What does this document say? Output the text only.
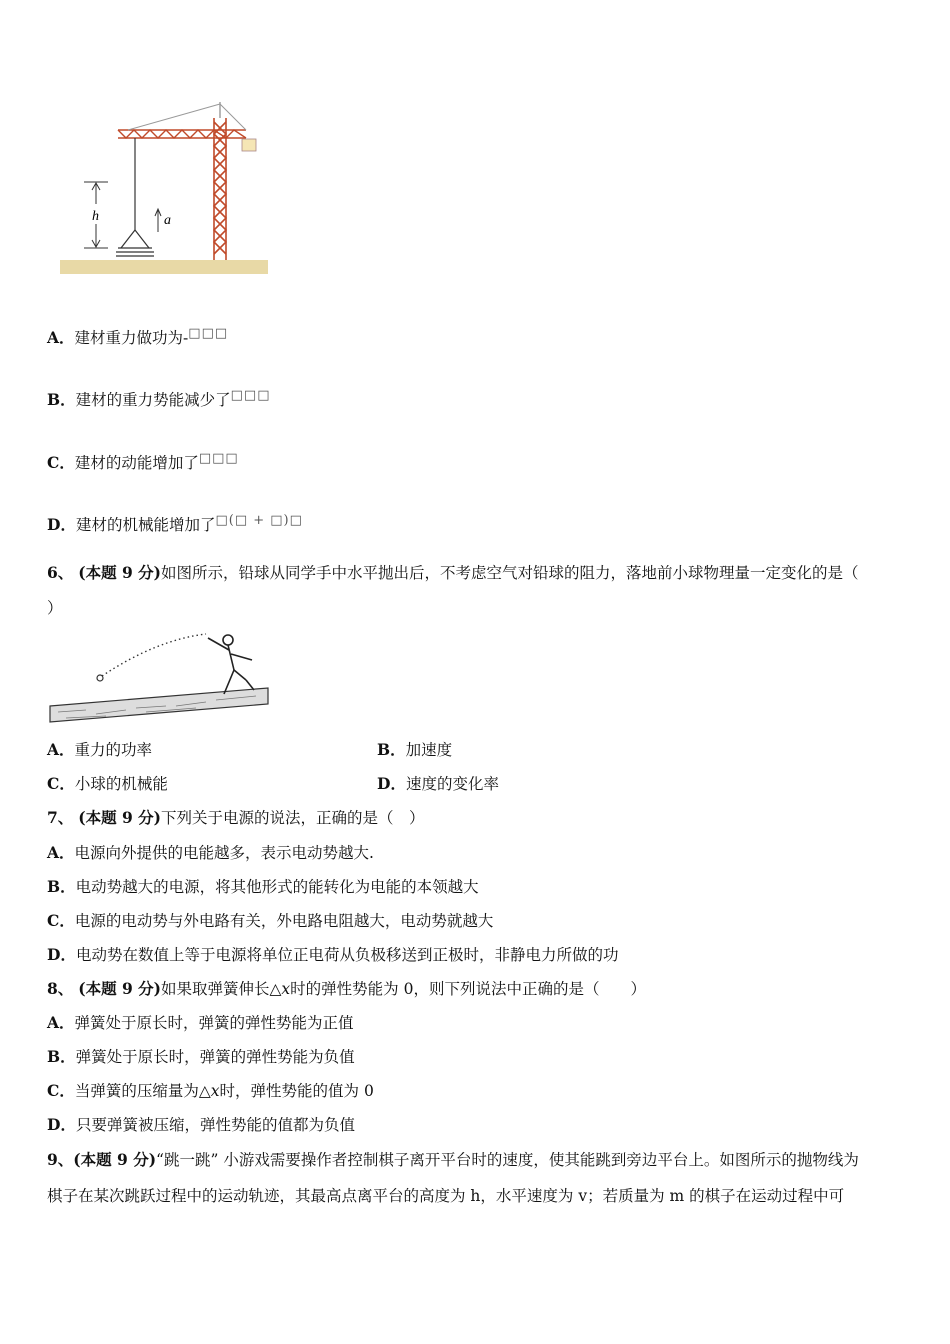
h	a
A．建材重力做功为-□□□
B．建材的重力势能减少了□□□
C．建材的动能增加了□□□
D．建材的机械能增加了□(□ + □)□
6、 (本题 9 分)如图所示，铅球从同学手中水平抛出后，不考虑空气对铅球的阻力，落地前小球物理量一定变化的是（
）
A．重力的功率	B．加速度
C．小球的机械能	D．速度的变化率
7、 (本题 9 分)下列关于电源的说法，正确的是（　）
A．电源向外提供的电能越多，表示电动势越大.
B．电动势越大的电源，将其他形式的能转化为电能的本领越大
C．电源的电动势与外电路有关，外电路电阻越大，电动势就越大
D．电动势在数值上等于电源将单位正电荷从负极移送到正极时，非静电力所做的功
8、 (本题 9 分)如果取弹簧伸长△x时的弹性势能为 0，则下列说法中正确的是（　　）
A．弹簧处于原长时，弹簧的弹性势能为正值
B．弹簧处于原长时，弹簧的弹性势能为负值
C．当弹簧的压缩量为△x时，弹性势能的值为 0
D．只要弹簧被压缩，弹性势能的值都为负值
9、(本题 9 分)“跳一跳” 小游戏需要操作者控制棋子离开平台时的速度，使其能跳到旁边平台上。如图所示的抛物线为
棋子在某次跳跃过程中的运动轨迹，其最高点离平台的高度为 h，水平速度为 v；若质量为 m 的棋子在运动过程中可
